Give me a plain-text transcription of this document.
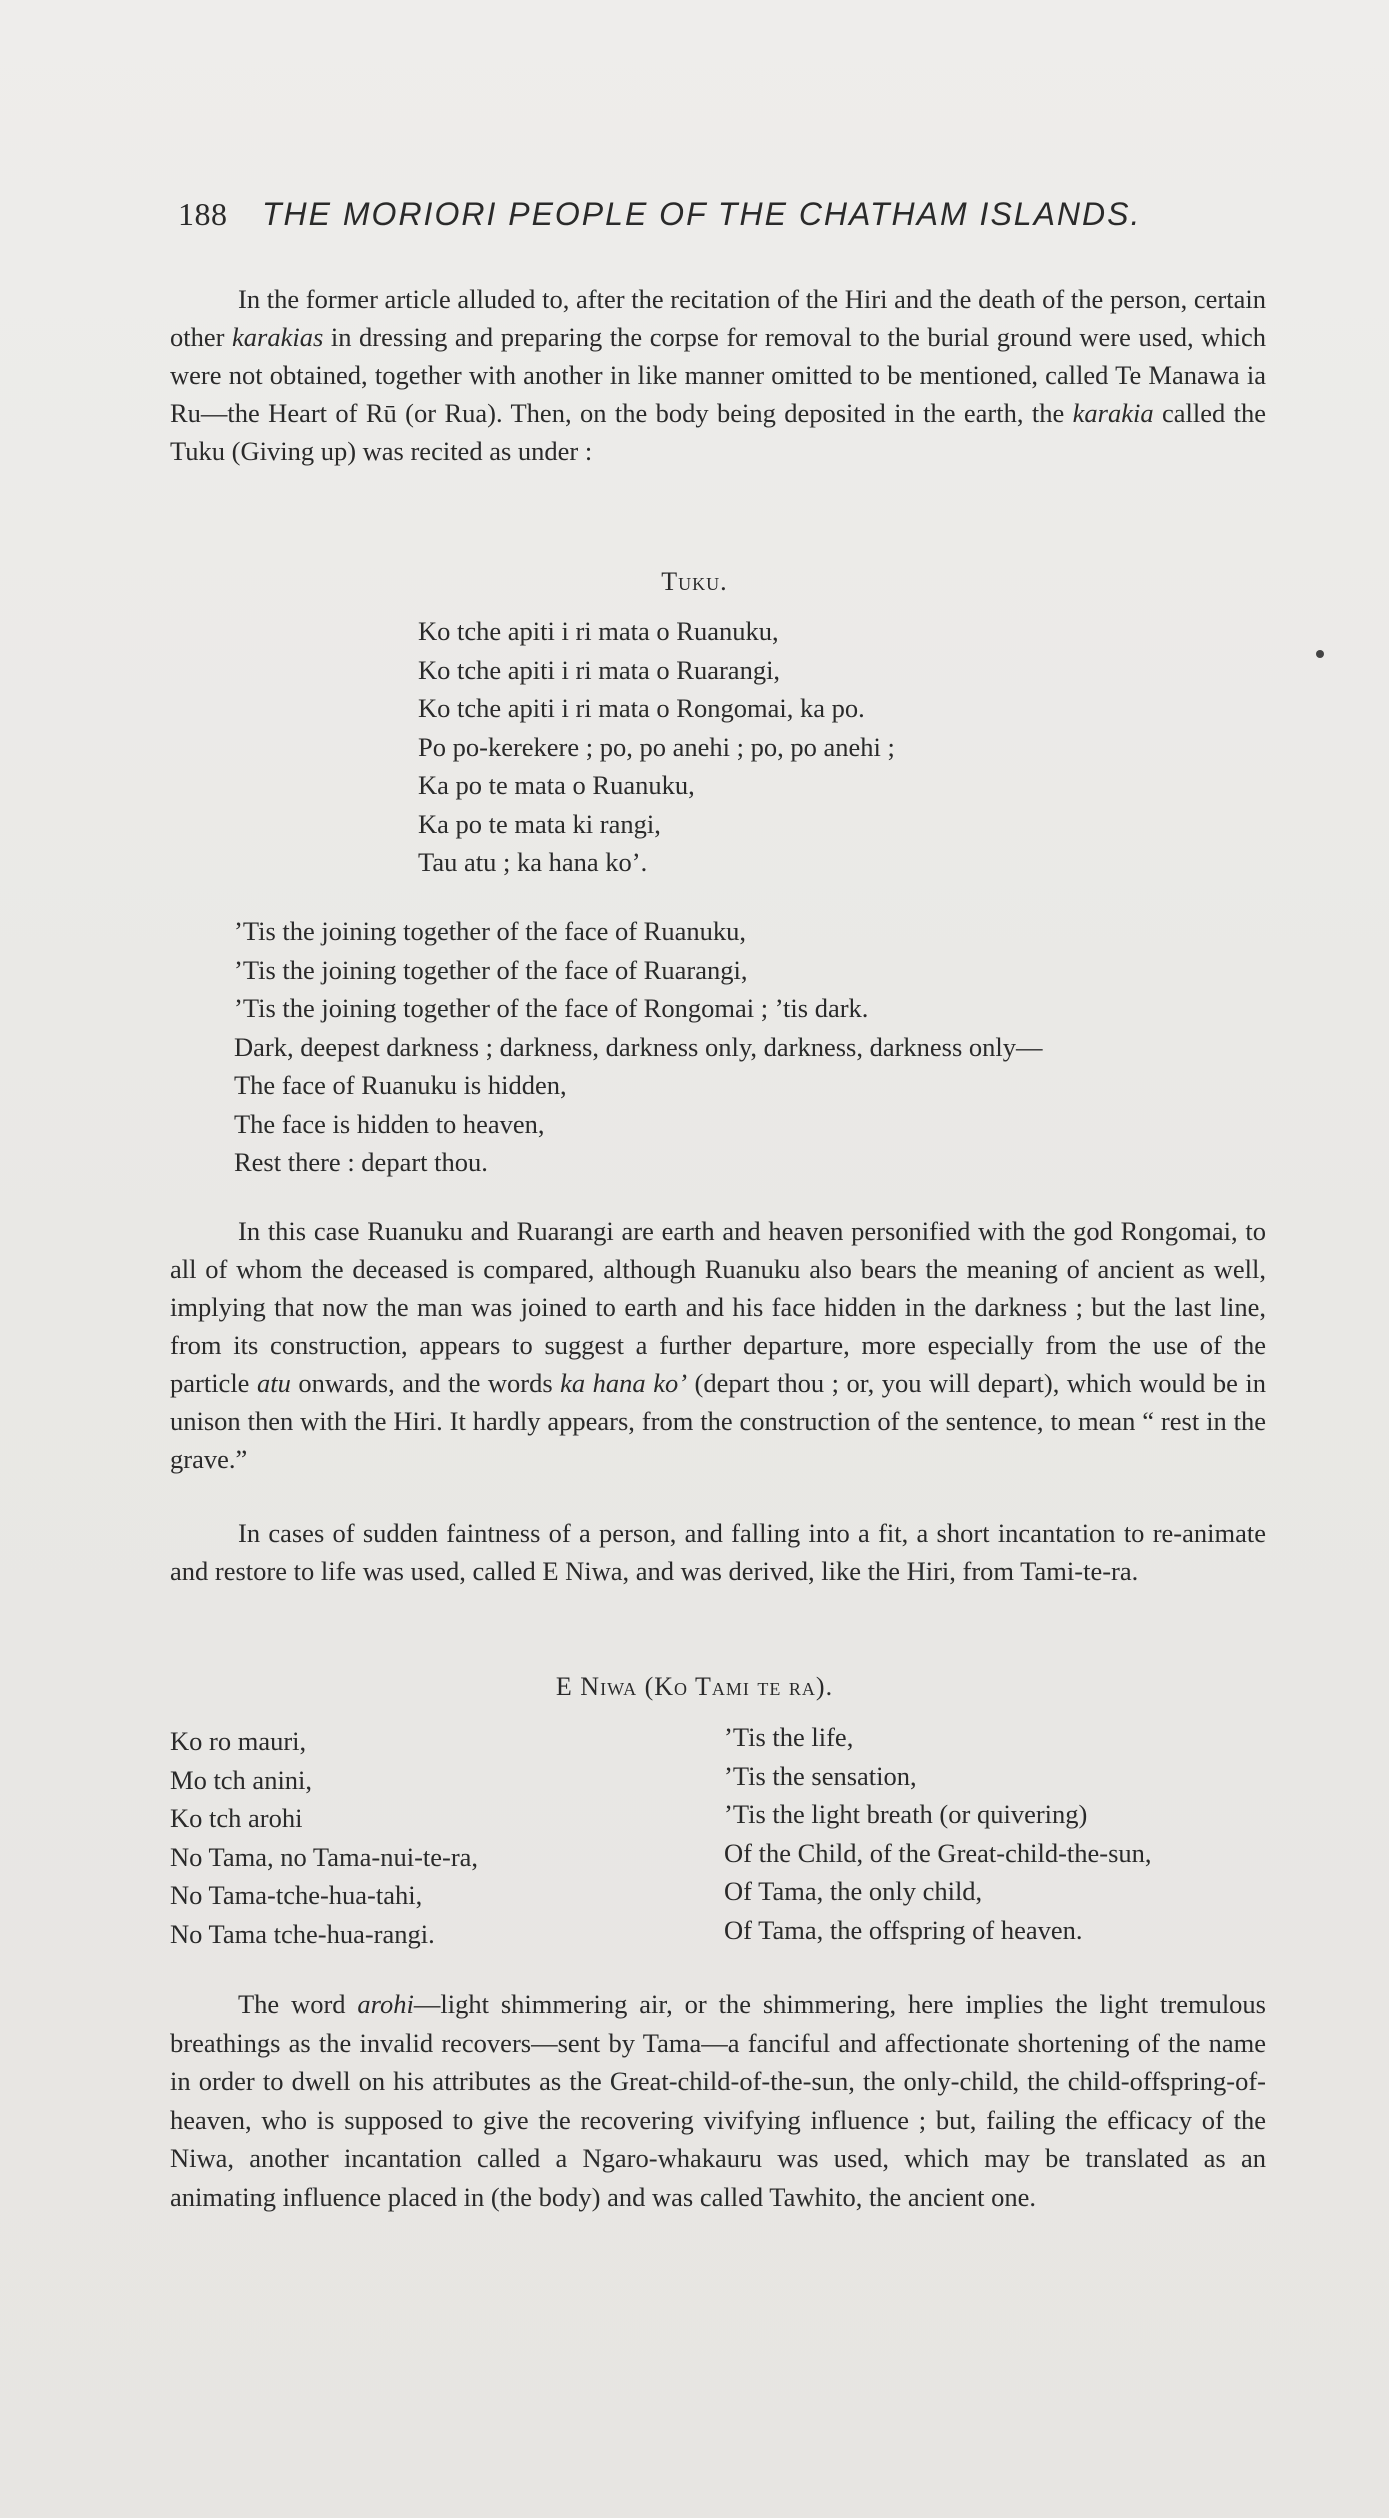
188 THE MORIORI PEOPLE OF THE CHATHAM ISLANDS.

In the former article alluded to, after the recitation of the Hiri and the death of the person, certain other karakias in dressing and preparing the corpse for removal to the burial ground were used, which were not obtained, together with another in like manner omitted to be mentioned, called Te Manawa ia Ru—the Heart of Rū (or Rua). Then, on the body being deposited in the earth, the karakia called the Tuku (Giving up) was recited as under :

Tuku.
Ko tche apiti i ri mata o Ruanuku,
Ko tche apiti i ri mata o Ruarangi,
Ko tche apiti i ri mata o Rongomai, ka po.
Po po-kerekere ; po, po anehi ; po, po anehi ;
Ka po te mata o Ruanuku,
Ka po te mata ki rangi,
Tau atu ; ka hana ko’.
’Tis the joining together of the face of Ruanuku,
’Tis the joining together of the face of Ruarangi,
’Tis the joining together of the face of Rongomai ; ’tis dark.
Dark, deepest darkness ; darkness, darkness only, darkness, darkness only—
The face of Ruanuku is hidden,
The face is hidden to heaven,
Rest there : depart thou.

In this case Ruanuku and Ruarangi are earth and heaven personified with the god Rongomai, to all of whom the deceased is compared, although Ruanuku also bears the meaning of ancient as well, implying that now the man was joined to earth and his face hidden in the darkness ; but the last line, from its construction, appears to suggest a further departure, more especially from the use of the particle atu onwards, and the words ka hana ko’ (depart thou ; or, you will depart), which would be in unison then with the Hiri. It hardly appears, from the construction of the sentence, to mean “ rest in the grave.”

In cases of sudden faintness of a person, and falling into a fit, a short incantation to re-animate and restore to life was used, called E Niwa, and was derived, like the Hiri, from Tami-te-ra.

E Niwa (Ko Tami te ra).
Ko ro mauri,
Mo tch anini,
Ko tch arohi
No Tama, no Tama-nui-te-ra,
No Tama-tche-hua-tahi,
No Tama tche-hua-rangi.
’Tis the life,
’Tis the sensation,
’Tis the light breath (or quivering)
Of the Child, of the Great-child-the-sun,
Of Tama, the only child,
Of Tama, the offspring of heaven.

The word arohi—light shimmering air, or the shimmering, here implies the light tremulous breathings as the invalid recovers—sent by Tama—a fanciful and affectionate shortening of the name in order to dwell on his attributes as the Great-child-of-the-sun, the only-child, the child-offspring-of-heaven, who is supposed to give the recovering vivifying influence ; but, failing the efficacy of the Niwa, another incantation called a Ngaro-whakauru was used, which may be translated as an animating influence placed in (the body) and was called Tawhito, the ancient one.
